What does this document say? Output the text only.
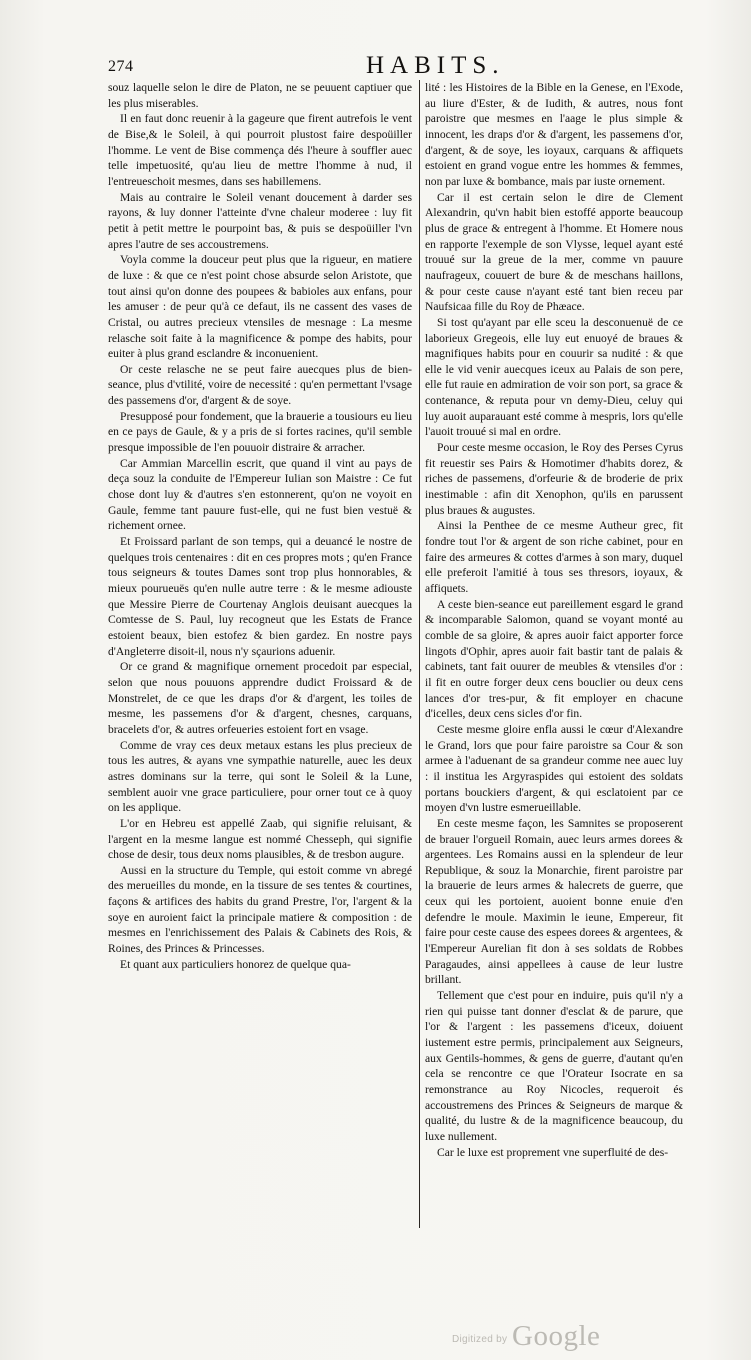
274	HABITS.

souz laquelle selon le dire de Platon, ne se peuuent captiuer que les plus miserables.

Il en faut donc reuenir à la gageure que firent autrefois le vent de Bise,& le Soleil, à qui pourroit plustost faire despoüiller l'homme. Le vent de Bise commença dés l'heure à souffler auec telle impetuosité, qu'au lieu de mettre l'homme à nud, il l'entreueschoit mesmes, dans ses habillemens.

Mais au contraire le Soleil venant doucement à darder ses rayons, & luy donner l'atteinte d'vne chaleur moderee : luy fit petit à petit mettre le pourpoint bas, & puis se despoüiller l'vn apres l'autre de ses accoustremens.

Voyla comme la douceur peut plus que la rigueur, en matiere de luxe : & que ce n'est point chose absurde selon Aristote, que tout ainsi qu'on donne des poupees & babioles aux enfans, pour les amuser : de peur qu'à ce defaut, ils ne cassent des vases de Cristal, ou autres precieux vtensiles de mesnage : La mesme relasche soit faite à la magnificence & pompe des habits, pour euiter à plus grand esclandre & inconuenient.

Or ceste relasche ne se peut faire auecques plus de bien-seance, plus d'vtilité, voire de necessité : qu'en permettant l'vsage des passemens d'or, d'argent & de soye.

Presupposé pour fondement, que la brauerie a tousiours eu lieu en ce pays de Gaule, & y a pris de si fortes racines, qu'il semble presque impossible de l'en pouuoir distraire & arracher.

Car Ammian Marcellin escrit, que quand il vint au pays de deça souz la conduite de l'Empereur Iulian son Maistre : Ce fut chose dont luy & d'autres s'en estonnerent, qu'on ne voyoit en Gaule, femme tant pauure fust-elle, qui ne fust bien vestuë & richement ornee.

Et Froissard parlant de son temps, qui a deuancé le nostre de quelques trois centenaires : dit en ces propres mots ; qu'en France tous seigneurs & toutes Dames sont trop plus honnorables, & mieux pourueuës qu'en nulle autre terre : & le mesme adiouste que Messire Pierre de Courtenay Anglois deuisant auecques la Comtesse de S. Paul, luy recogneut que les Estats de France estoient beaux, bien estofez & bien gardez. En nostre pays d'Angleterre disoit-il, nous n'y sçaurions aduenir.

Or ce grand & magnifique ornement procedoit par especial, selon que nous pouuons apprendre dudict Froissard & de Monstrelet, de ce que les draps d'or & d'argent, les toiles de mesme, les passemens d'or & d'argent, chesnes, carquans, bracelets d'or, & autres orfeueries estoient fort en vsage.

Comme de vray ces deux metaux estans les plus precieux de tous les autres, & ayans vne sympathie naturelle, auec les deux astres dominans sur la terre, qui sont le Soleil & la Lune, semblent auoir vne grace particuliere, pour orner tout ce à quoy on les applique.

L'or en Hebreu est appellé Zaab, qui signifie reluisant, & l'argent en la mesme langue est nommé Chesseph, qui signifie chose de desir, tous deux noms plausibles, & de tresbon augure.

Aussi en la structure du Temple, qui estoit comme vn abregé des merueilles du monde, en la tissure de ses tentes & courtines, façons & artifices des habits du grand Prestre, l'or, l'argent & la soye en auroient faict la principale matiere & composition : de mesmes en l'enrichissement des Palais & Cabinets des Rois, & Roines, des Princes & Princesses.

Et quant aux particuliers honorez de quelque qua-

lité : les Histoires de la Bible en la Genese, en l'Exode, au liure d'Ester, & de Iudith, & autres, nous font paroistre que mesmes en l'aage le plus simple & innocent, les draps d'or & d'argent, les passemens d'or, d'argent, & de soye, les ioyaux, carquans & affiquets estoient en grand vogue entre les hommes & femmes, non par luxe & bombance, mais par iuste ornement.

Car il est certain selon le dire de Clement Alexandrin, qu'vn habit bien estoffé apporte beaucoup plus de grace & entregent à l'homme. Et Homere nous en rapporte l'exemple de son Vlysse, lequel ayant esté trouué sur la greue de la mer, comme vn pauure naufrageux, couuert de bure & de meschans haillons, & pour ceste cause n'ayant esté tant bien receu par Naufsicaa fille du Roy de Phæace.

Si tost qu'ayant par elle sceu la desconuenuë de ce laborieux Gregeois, elle luy eut enuoyé de braues & magnifiques habits pour en couurir sa nudité : & que elle le vid venir auecques iceux au Palais de son pere, elle fut rauie en admiration de voir son port, sa grace & contenance, & reputa pour vn demy-Dieu, celuy qui luy auoit auparauant esté comme à mespris, lors qu'elle l'auoit trouué si mal en ordre.

Pour ceste mesme occasion, le Roy des Perses Cyrus fit reuestir ses Pairs & Homotimer d'habits dorez, & riches de passemens, d'orfeurie & de broderie de prix inestimable : afin dit Xenophon, qu'ils en parussent plus braues & augustes.

Ainsi la Penthee de ce mesme Autheur grec, fit fondre tout l'or & argent de son riche cabinet, pour en faire des armeures & cottes d'armes à son mary, duquel elle preferoit l'amitié à tous ses thresors, ioyaux, & affiquets.

A ceste bien-seance eut pareillement esgard le grand & incomparable Salomon, quand se voyant monté au comble de sa gloire, & apres auoir faict apporter force lingots d'Ophir, apres auoir fait bastir tant de palais & cabinets, tant fait ouurer de meubles & vtensiles d'or : il fit en outre forger deux cens bouclier ou deux cens lances d'or tres-pur, & fit employer en chacune d'icelles, deux cens sicles d'or fin.

Ceste mesme gloire enfla aussi le cœur d'Alexandre le Grand, lors que pour faire paroistre sa Cour & son armee à l'aduenant de sa grandeur comme nee auec luy : il institua les Argyraspides qui estoient des soldats portans bouckiers d'argent, & qui esclatoient par ce moyen d'vn lustre esmerueillable.

En ceste mesme façon, les Samnites se proposerent de brauer l'orgueil Romain, auec leurs armes dorees & argentees. Les Romains aussi en la splendeur de leur Republique, & souz la Monarchie, firent paroistre par la brauerie de leurs armes & halecrets de guerre, que ceux qui les portoient, auoient bonne enuie d'en defendre le moule. Maximin le ieune, Empereur, fit faire pour ceste cause des espees dorees & argentees, & l'Empereur Aurelian fit don à ses soldats de Robbes Paragaudes, ainsi appellees à cause de leur lustre brillant.

Tellement que c'est pour en induire, puis qu'il n'y a rien qui puisse tant donner d'esclat & de parure, que l'or & l'argent : les passemens d'iceux, doiuent iustement estre permis, principalement aux Seigneurs, aux Gentils-hommes, & gens de guerre, d'autant qu'en cela se rencontre ce que l'Orateur Isocrate en sa remonstrance au Roy Nicocles, requeroit és accoustremens des Princes & Seigneurs de marque & qualité, du lustre & de la magnificence beaucoup, du luxe nullement.

Car le luxe est proprement vne superfluité de des-

Digitized by Google
